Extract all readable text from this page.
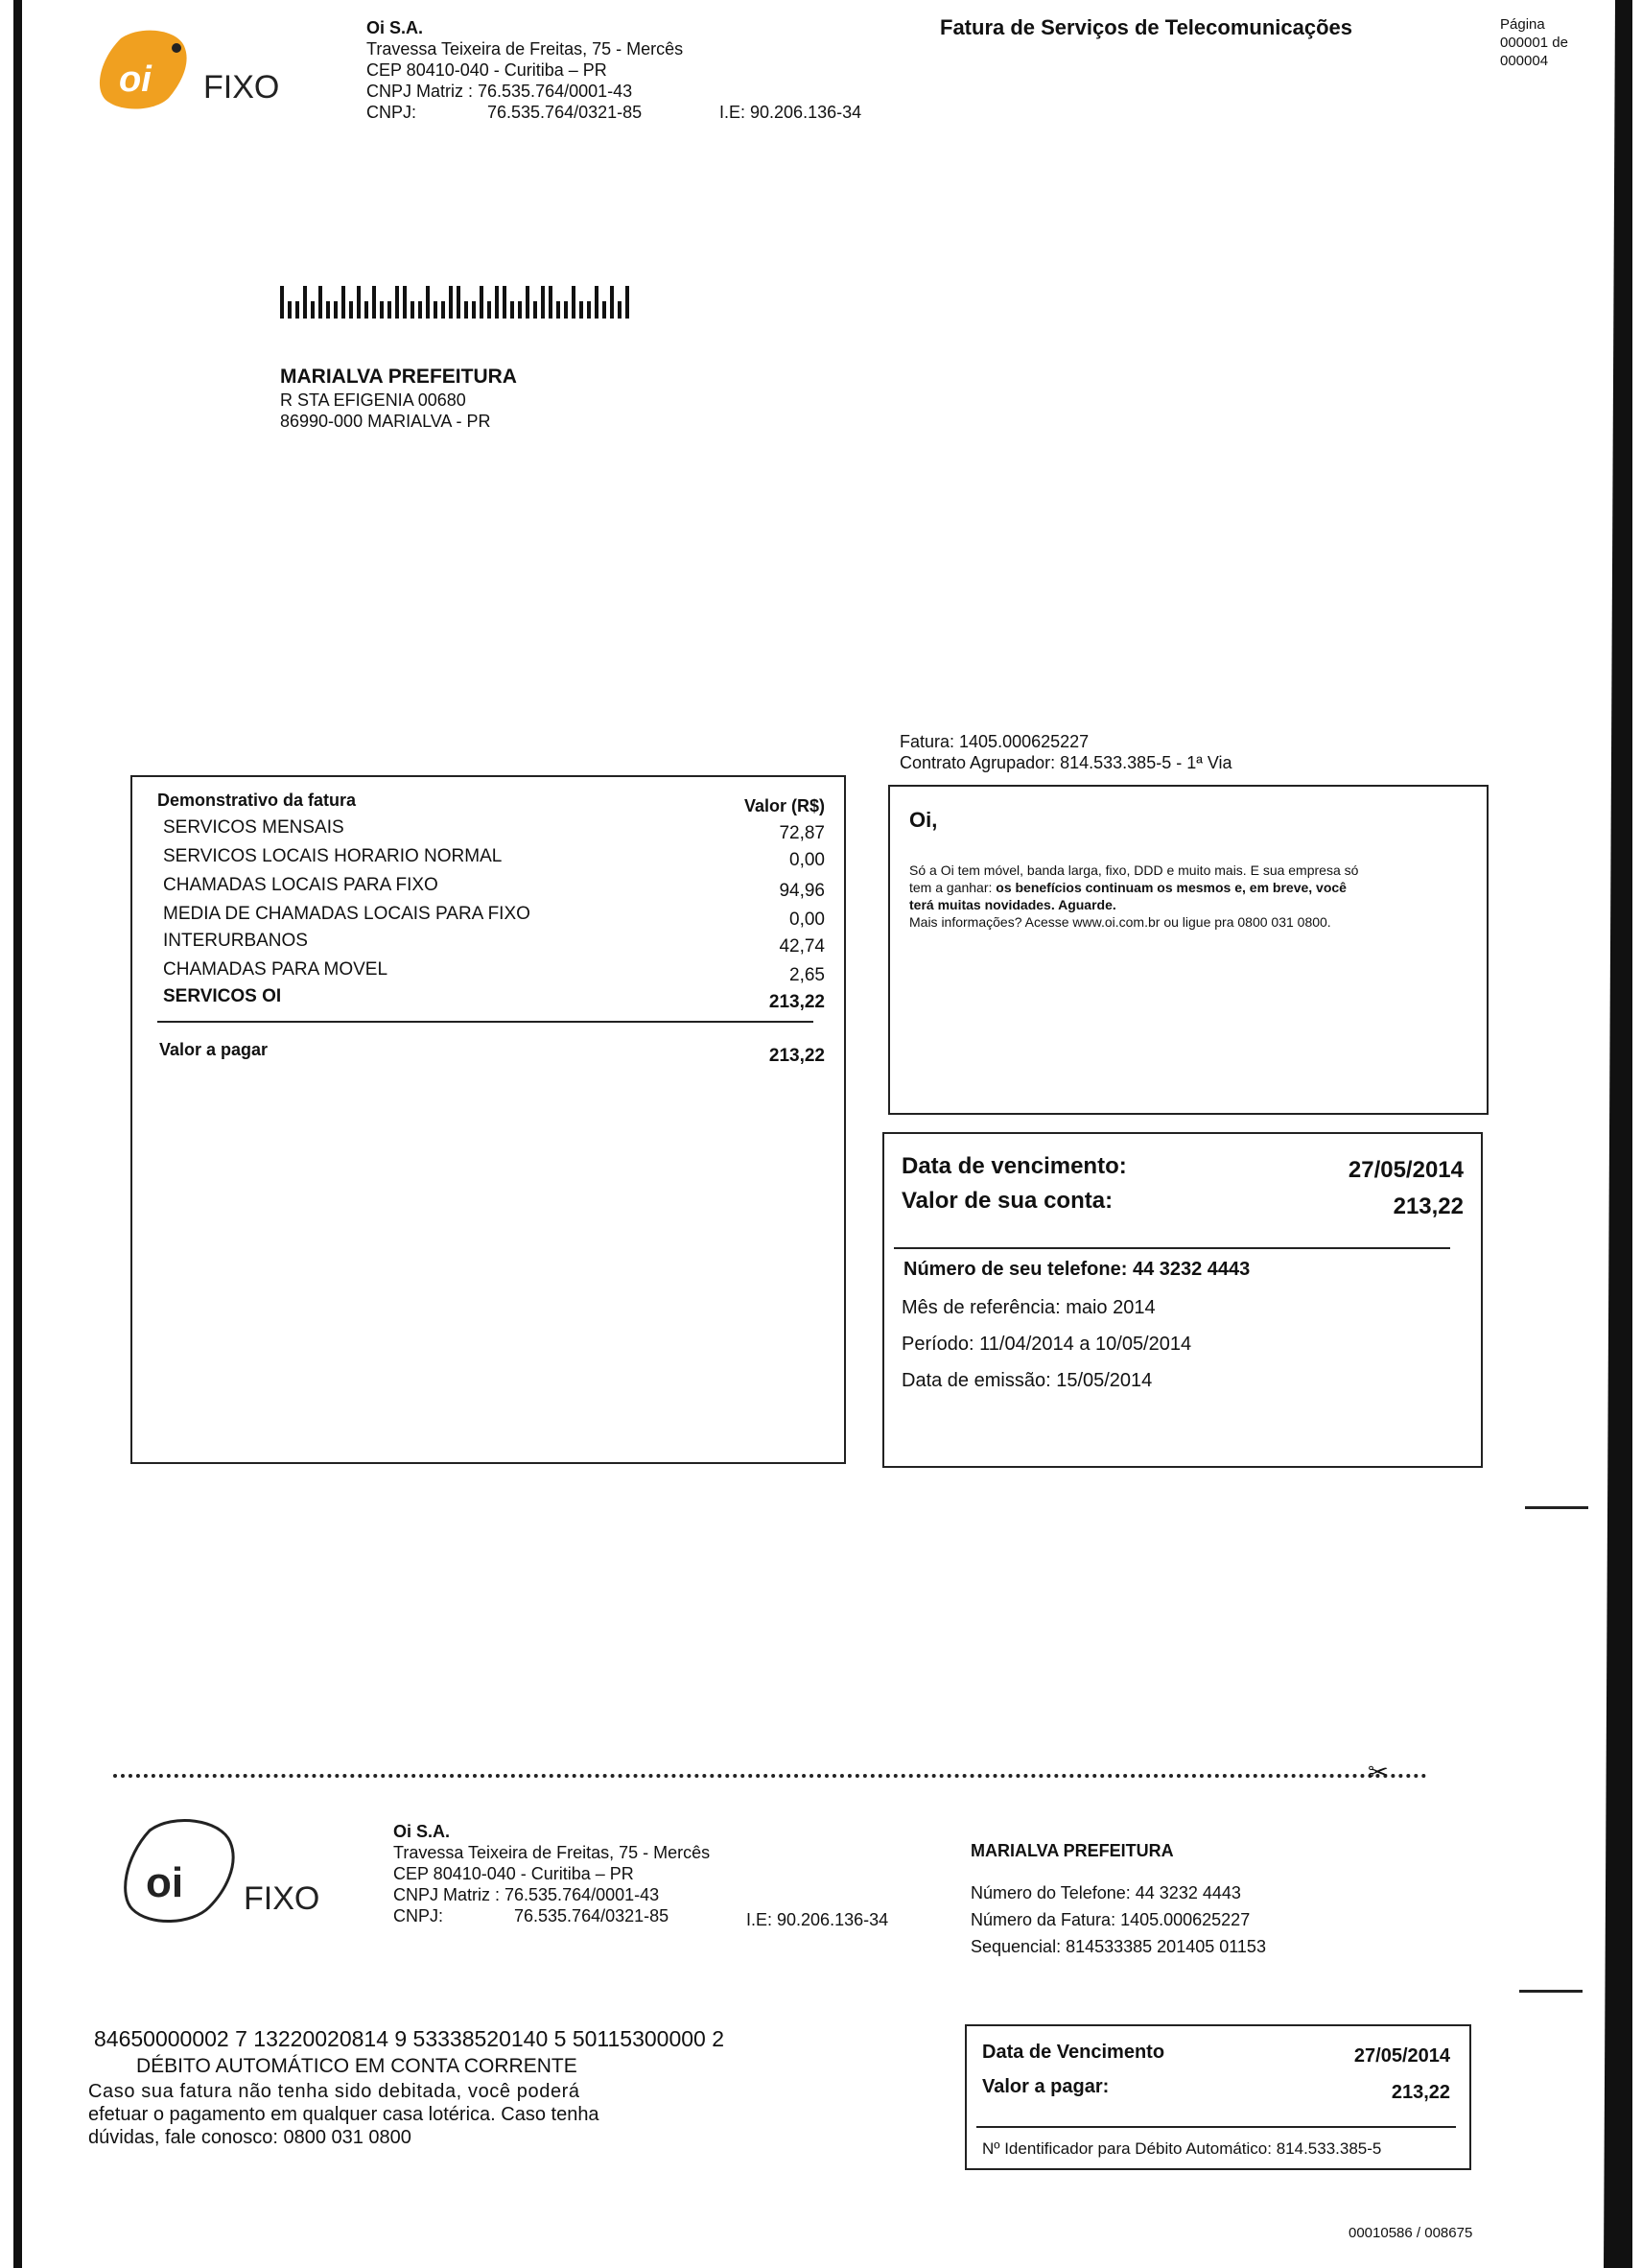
oi FIXO
Oi S.A.
Travessa Teixeira de Freitas, 75 - Mercês
CEP 80410-040 - Curitiba – PR
CNPJ Matriz : 76.535.764/0001-43
CNPJ:	76.535.764/0321-85	I.E: 90.206.136-34
Fatura de Serviços de Telecomunicações	Página
000001 de
000004
MARIALVA PREFEITURA
R STA EFIGENIA 00680
86990-000 MARIALVA - PR
Fatura: 1405.000625227
Contrato Agrupador: 814.533.385-5 - 1ª Via
Demonstrativo da fatura	Valor (R$)
SERVICOS MENSAIS	72,87
SERVICOS LOCAIS HORARIO NORMAL	0,00
CHAMADAS LOCAIS PARA FIXO	94,96
MEDIA DE CHAMADAS LOCAIS PARA FIXO	0,00
INTERURBANOS	42,74
CHAMADAS PARA MOVEL	2,65
SERVICOS OI	213,22
Valor a pagar	213,22
Oi,
Só a Oi tem móvel, banda larga, fixo, DDD e muito mais. E sua empresa só
tem a ganhar: os benefícios continuam os mesmos e, em breve, você
terá muitas novidades. Aguarde.
Mais informações? Acesse www.oi.com.br ou ligue pra 0800 031 0800.
Data de vencimento:	27/05/2014
Valor de sua conta:	213,22
Número de seu telefone: 44 3232 4443
Mês de referência: maio 2014
Período: 11/04/2014 a 10/05/2014
Data de emissão: 15/05/2014
✂
oi FIXO
Oi S.A.
Travessa Teixeira de Freitas, 75 - Mercês
CEP 80410-040 - Curitiba – PR
CNPJ Matriz : 76.535.764/0001-43
CNPJ:	76.535.764/0321-85	I.E: 90.206.136-34
MARIALVA PREFEITURA
Número do Telefone: 44 3232 4443
Número da Fatura: 1405.000625227
Sequencial: 814533385 201405 01153
84650000002 7 13220020814 9 53338520140 5 50115300000 2
DÉBITO AUTOMÁTICO EM CONTA CORRENTE
Caso sua fatura não tenha sido debitada, você poderá
efetuar o pagamento em qualquer casa lotérica. Caso tenha
dúvidas, fale conosco: 0800 031 0800
Data de Vencimento	27/05/2014
Valor a pagar:	213,22
Nº Identificador para Débito Automático: 814.533.385-5
00010586 / 008675
